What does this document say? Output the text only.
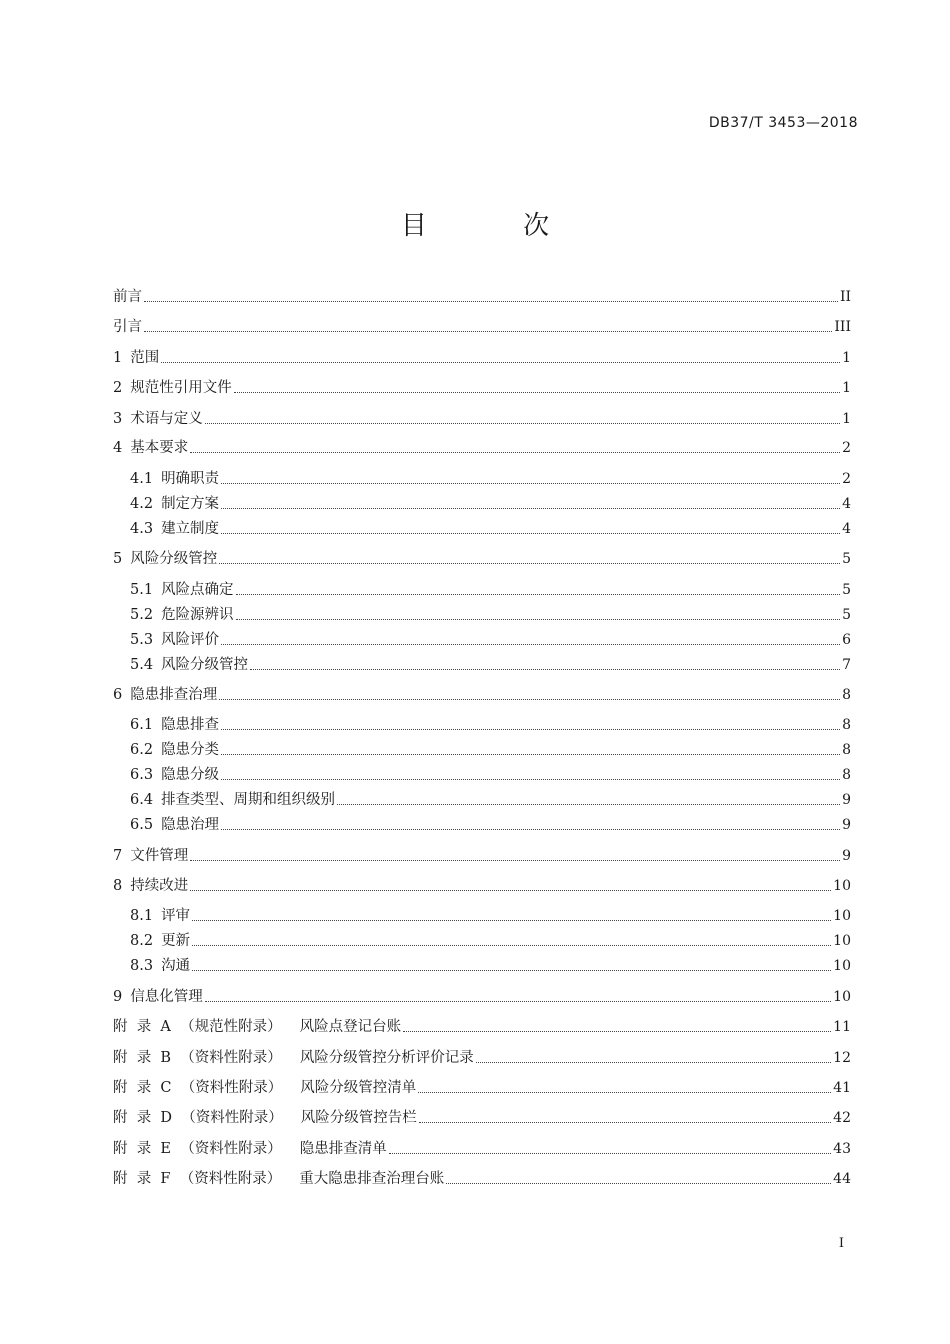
DB37/T 3453—2018
目 次
前言	II
引言	III
1 范围	1
2 规范性引用文件	1
3 术语与定义	1
4 基本要求	2
4.1 明确职责	2
4.2 制定方案	4
4.3 建立制度	4
5 风险分级管控	5
5.1 风险点确定	5
5.2 危险源辨识	5
5.3 风险评价	6
5.4 风险分级管控	7
6 隐患排查治理	8
6.1 隐患排查	8
6.2 隐患分类	8
6.3 隐患分级	8
6.4 排查类型、周期和组织级别	9
6.5 隐患治理	9
7 文件管理	9
8 持续改进	10
8.1 评审	10
8.2 更新	10
8.3 沟通	10
9 信息化管理	10
附  录  A  （规范性附录） 风险点登记台账	11
附  录  B  （资料性附录） 风险分级管控分析评价记录	12
附  录  C  （资料性附录） 风险分级管控清单	41
附  录  D  （资料性附录） 风险分级管控告栏	42
附  录  E  （资料性附录） 隐患排查清单	43
附  录  F  （资料性附录） 重大隐患排查治理台账	44
I
